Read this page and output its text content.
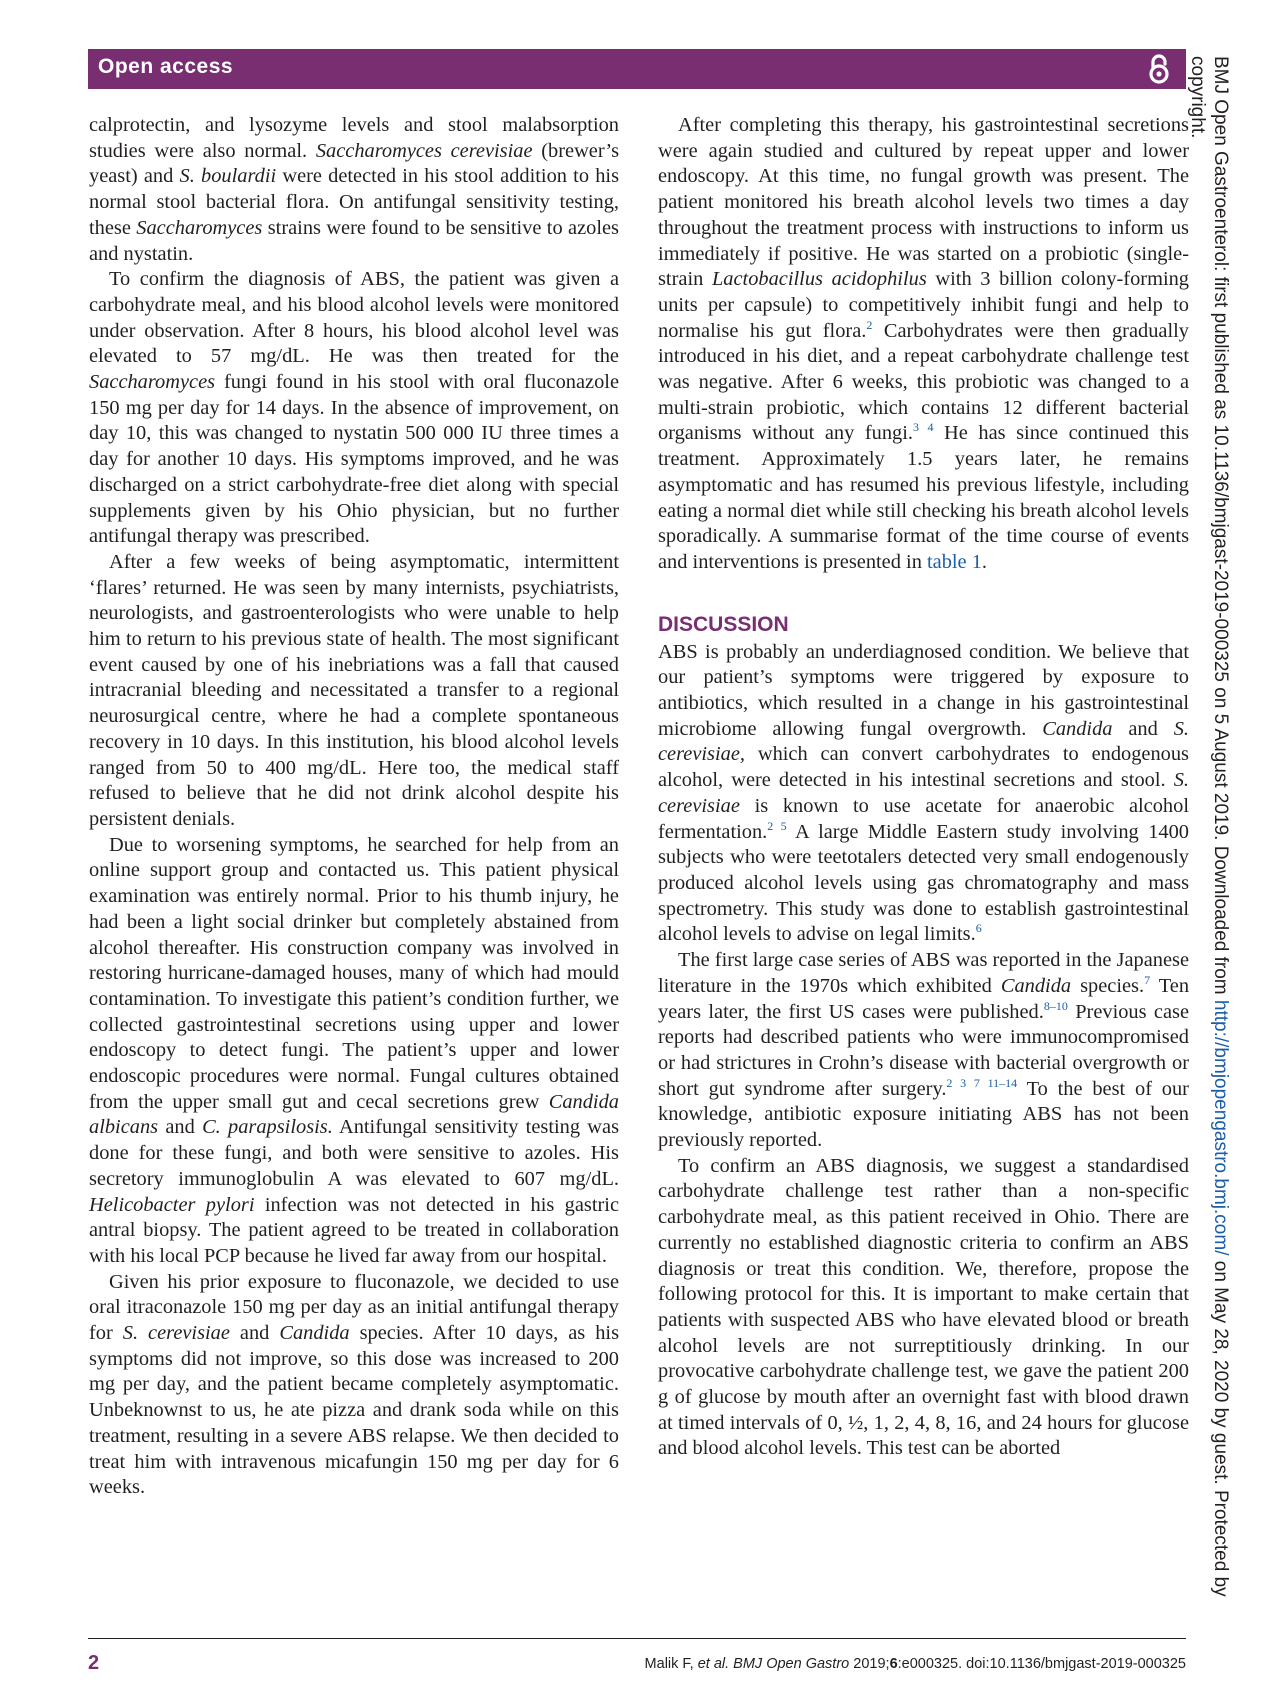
Open access

calprotectin, and lysozyme levels and stool malabsorption studies were also normal. Saccharomyces cerevisiae (brewer’s yeast) and S. boulardii were detected in his stool addition to his normal stool bacterial flora. On antifungal sensitivity testing, these Saccharomyces strains were found to be sensitive to azoles and nystatin.

To confirm the diagnosis of ABS, the patient was given a carbohydrate meal, and his blood alcohol levels were monitored under observation. After 8 hours, his blood alcohol level was elevated to 57 mg/dL. He was then treated for the Saccharomyces fungi found in his stool with oral fluconazole 150 mg per day for 14 days. In the absence of improvement, on day 10, this was changed to nystatin 500 000 IU three times a day for another 10 days. His symptoms improved, and he was discharged on a strict carbohydrate-free diet along with special supplements given by his Ohio physician, but no further antifungal therapy was prescribed.

After a few weeks of being asymptomatic, intermittent ‘flares’ returned. He was seen by many internists, psychiatrists, neurologists, and gastroenterologists who were unable to help him to return to his previous state of health. The most significant event caused by one of his inebriations was a fall that caused intracranial bleeding and necessitated a transfer to a regional neurosurgical centre, where he had a complete spontaneous recovery in 10 days. In this institution, his blood alcohol levels ranged from 50 to 400 mg/dL. Here too, the medical staff refused to believe that he did not drink alcohol despite his persistent denials.

Due to worsening symptoms, he searched for help from an online support group and contacted us. This patient physical examination was entirely normal. Prior to his thumb injury, he had been a light social drinker but completely abstained from alcohol thereafter. His construction company was involved in restoring hurricane-damaged houses, many of which had mould contamination. To investigate this patient’s condition further, we collected gastrointestinal secretions using upper and lower endoscopy to detect fungi. The patient’s upper and lower endoscopic procedures were normal. Fungal cultures obtained from the upper small gut and cecal secretions grew Candida albicans and C. parapsilosis. Antifungal sensitivity testing was done for these fungi, and both were sensitive to azoles. His secretory immunoglobulin A was elevated to 607 mg/dL. Helicobacter pylori infection was not detected in his gastric antral biopsy. The patient agreed to be treated in collaboration with his local PCP because he lived far away from our hospital.

Given his prior exposure to fluconazole, we decided to use oral itraconazole 150 mg per day as an initial antifungal therapy for S. cerevisiae and Candida species. After 10 days, as his symptoms did not improve, so this dose was increased to 200 mg per day, and the patient became completely asymptomatic. Unbeknownst to us, he ate pizza and drank soda while on this treatment, resulting in a severe ABS relapse. We then decided to treat him with intravenous micafungin 150 mg per day for 6 weeks.

After completing this therapy, his gastrointestinal secretions were again studied and cultured by repeat upper and lower endoscopy. At this time, no fungal growth was present. The patient monitored his breath alcohol levels two times a day throughout the treatment process with instructions to inform us immediately if positive. He was started on a probiotic (single-strain Lactobacillus acidophilus with 3 billion colony-forming units per capsule) to competitively inhibit fungi and help to normalise his gut flora.$^2$ Carbohydrates were then gradually introduced in his diet, and a repeat carbohydrate challenge test was negative. After 6 weeks, this probiotic was changed to a multi-strain probiotic, which contains 12 different bacterial organisms without any fungi.$^{3 4}$ He has since continued this treatment. Approximately 1.5 years later, he remains asymptomatic and has resumed his previous lifestyle, including eating a normal diet while still checking his breath alcohol levels sporadically. A summarise format of the time course of events and interventions is presented in table 1.

DISCUSSION

ABS is probably an underdiagnosed condition. We believe that our patient’s symptoms were triggered by exposure to antibiotics, which resulted in a change in his gastrointestinal microbiome allowing fungal overgrowth. Candida and S. cerevisiae, which can convert carbohydrates to endogenous alcohol, were detected in his intestinal secretions and stool. S. cerevisiae is known to use acetate for anaerobic alcohol fermentation.$^{2 5}$ A large Middle Eastern study involving 1400 subjects who were teetotalers detected very small endogenously produced alcohol levels using gas chromatography and mass spectrometry. This study was done to establish gastrointestinal alcohol levels to advise on legal limits.$^6$

The first large case series of ABS was reported in the Japanese literature in the 1970s which exhibited Candida species.$^7$ Ten years later, the first US cases were published.$^{8-10}$ Previous case reports had described patients who were immunocompromised or had strictures in Crohn’s disease with bacterial overgrowth or short gut syndrome after surgery.$^{2 3 7 11-14}$ To the best of our knowledge, antibiotic exposure initiating ABS has not been previously reported.

To confirm an ABS diagnosis, we suggest a standardised carbohydrate challenge test rather than a non-specific carbohydrate meal, as this patient received in Ohio. There are currently no established diagnostic criteria to confirm an ABS diagnosis or treat this condition. We, therefore, propose the following protocol for this. It is important to make certain that patients with suspected ABS who have elevated blood or breath alcohol levels are not surreptitiously drinking. In our provocative carbohydrate challenge test, we gave the patient 200 g of glucose by mouth after an overnight fast with blood drawn at timed intervals of 0, ½, 1, 2, 4, 8, 16, and 24 hours for glucose and blood alcohol levels. This test can be aborted

BMJ Open Gastroenterol: first published as 10.1136/bmjgast-2019-000325 on 5 August 2019. Downloaded from http://bmjopengastro.bmj.com/ on May 28, 2020 by guest. Protected by copyright.
2	Malik F, et al. BMJ Open Gastro 2019;6:e000325. doi:10.1136/bmjgast-2019-000325
